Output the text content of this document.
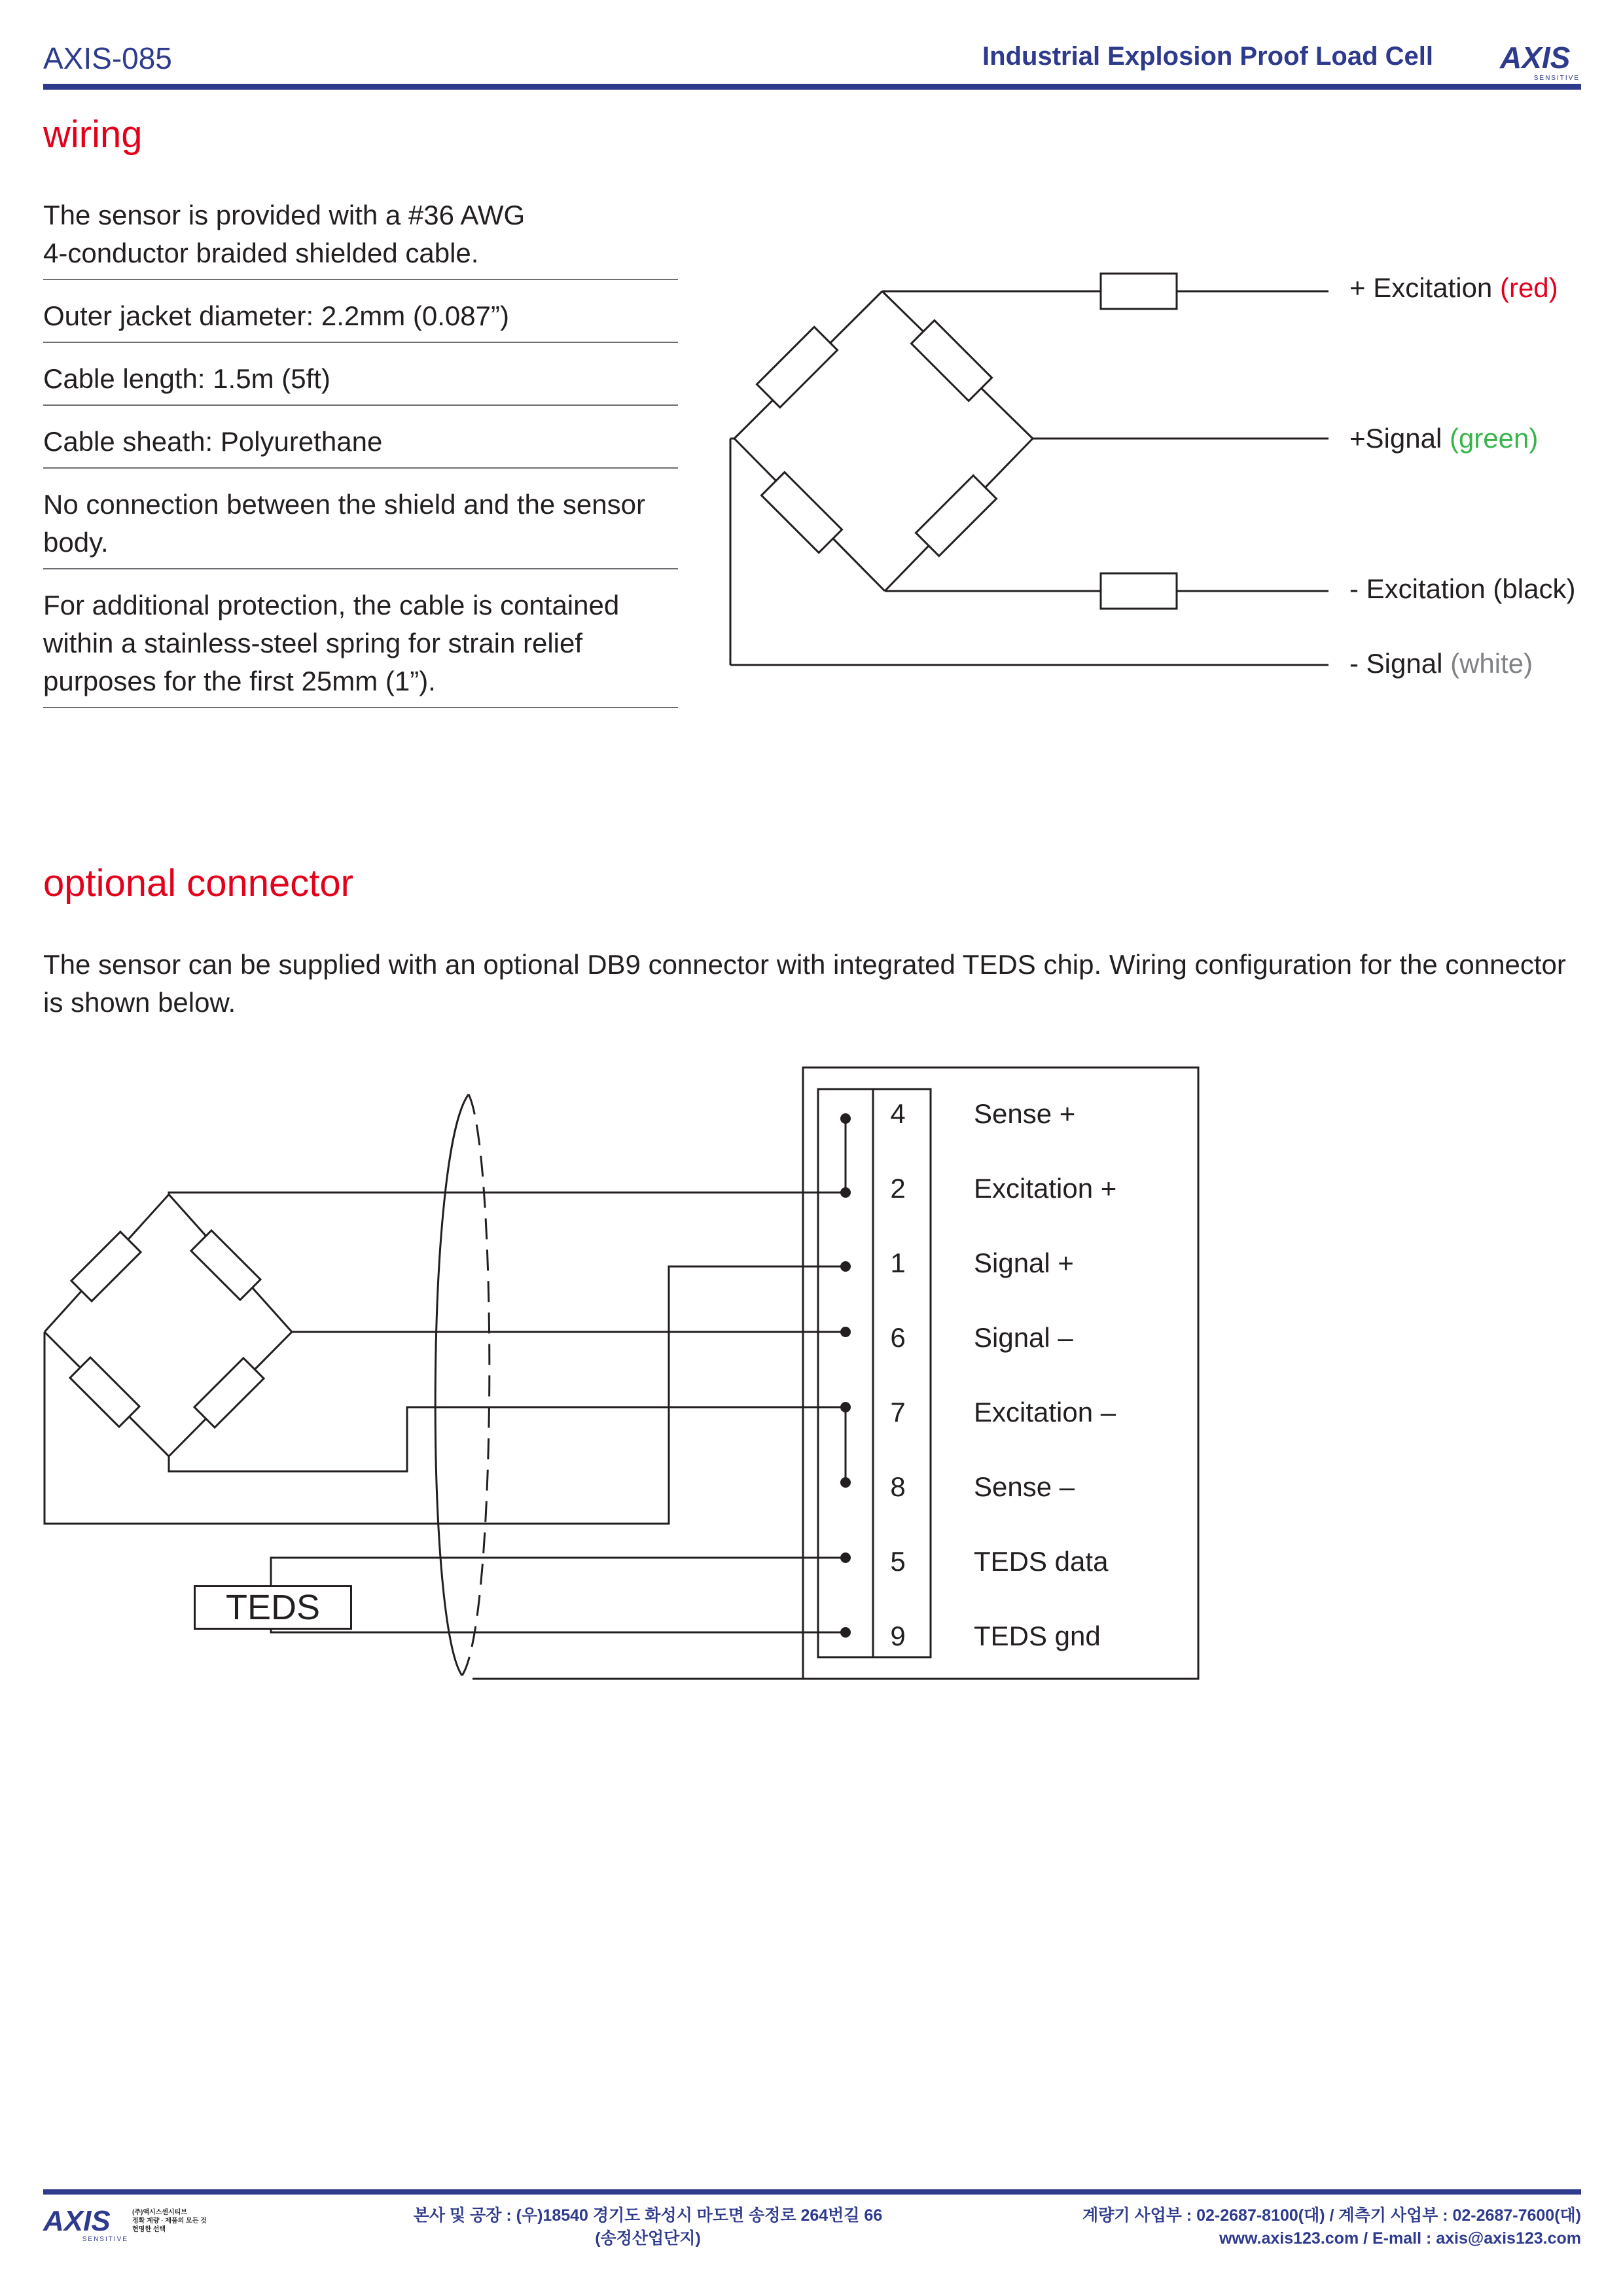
AXIS-085	Industrial Explosion Proof Load Cell AXIS
SENSITIVE
wiring
The sensor is provided with a #36 AWG
4-conductor braided shielded cable.
Outer jacket diameter: 2.2mm (0.087”)
Cable length: 1.5m (5ft)
Cable sheath: Polyurethane
No connection between the shield and the sensor body.
For additional protection, the cable is contained within a stainless-steel spring for strain relief purposes for the first 25mm (1”).
+ Excitation (red)
+Signal (green)
- Excitation (black)
- Signal (white)
optional connector
The sensor can be supplied with an optional DB9 connector with integrated TEDS chip. Wiring configuration for the connector is shown below.
TEDS
4	Sense +
2	Excitation +
1	Signal +
6	Signal –
7	Excitation –
8	Sense –
5	TEDS data
9	TEDS gnd
AXIS
SENSITIVE
(주)액시스센시티브
정확 계량 · 제품의 모든 것
현명한 선택
본사 및 공장 : (우)18540 경기도 화성시 마도면 송정로 264번길 66
(송정산업단지)
계량기 사업부 : 02-2687-8100(대) / 계측기 사업부 : 02-2687-7600(대)
www.axis123.com / E-mall : axis@axis123.com
